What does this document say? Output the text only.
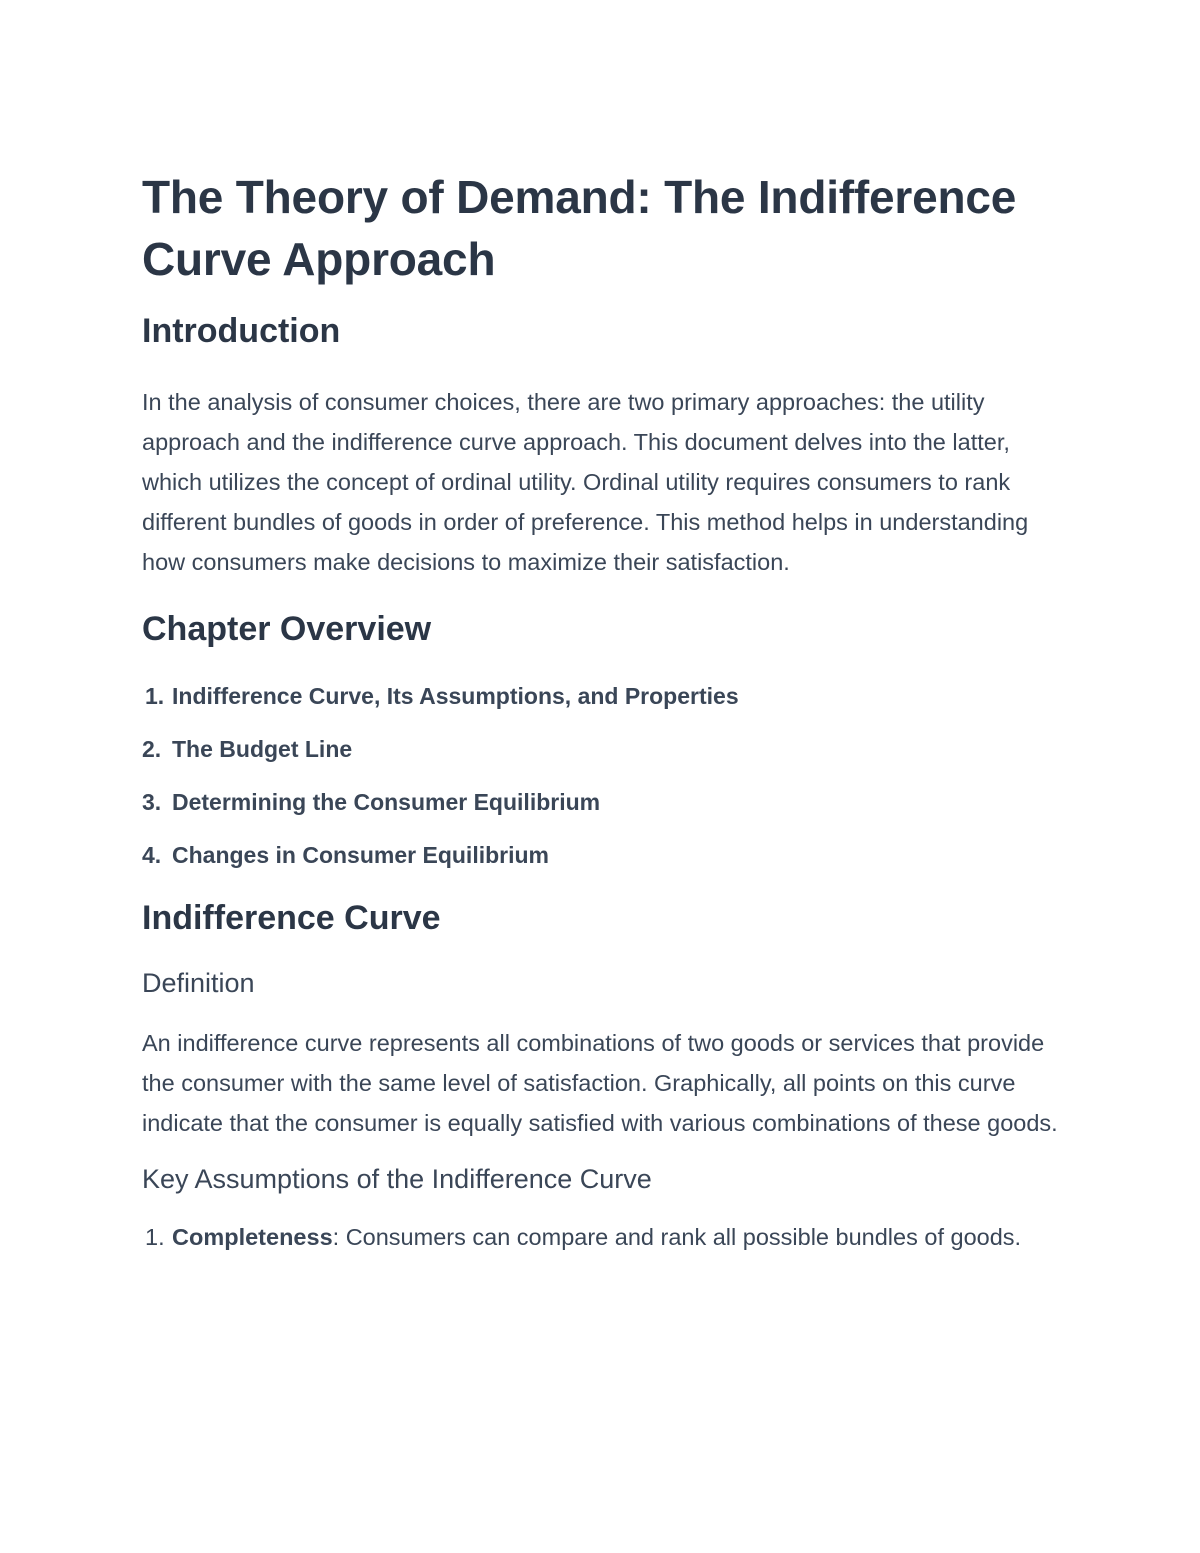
The Theory of Demand: The Indifference Curve Approach
Introduction

In the analysis of consumer choices, there are two primary approaches: the utility approach and the indifference curve approach. This document delves into the latter, which utilizes the concept of ordinal utility. Ordinal utility requires consumers to rank different bundles of goods in order of preference. This method helps in understanding how consumers make decisions to maximize their satisfaction.

Chapter Overview
1. Indifference Curve, Its Assumptions, and Properties
2. The Budget Line
3. Determining the Consumer Equilibrium
4. Changes in Consumer Equilibrium
Indifference Curve
Definition

An indifference curve represents all combinations of two goods or services that provide the consumer with the same level of satisfaction. Graphically, all points on this curve indicate that the consumer is equally satisfied with various combinations of these goods.

Key Assumptions of the Indifference Curve
1. Completeness: Consumers can compare and rank all possible bundles of goods.
